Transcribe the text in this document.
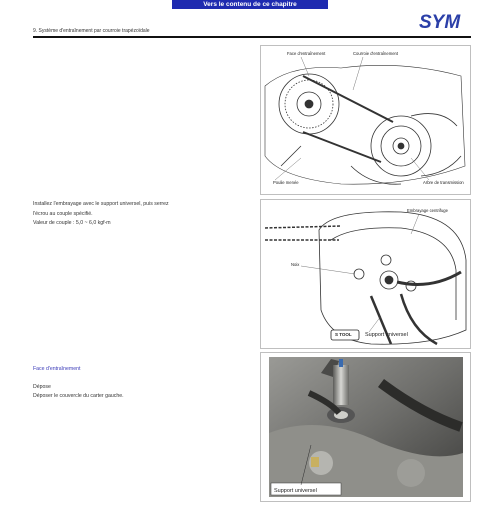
Vers le contenu de ce chapitre
9. Système d'entraînement par courroie trapézoïdale	SYM
Face d'entraînement	Courroie d'entraînement
Poulie menée	Arbre de transmission
Installez l'embrayage avec le support universel, puis serrez
l'écrou au couple spécifié.
Valeur de couple : 5,0 ~ 6,0 kgf-m
Embrayage centrifuge
Noix
S TOOL Support universel
Face d'entraînement
Dépose
Déposer le couvercle du carter gauche.
Support universel
